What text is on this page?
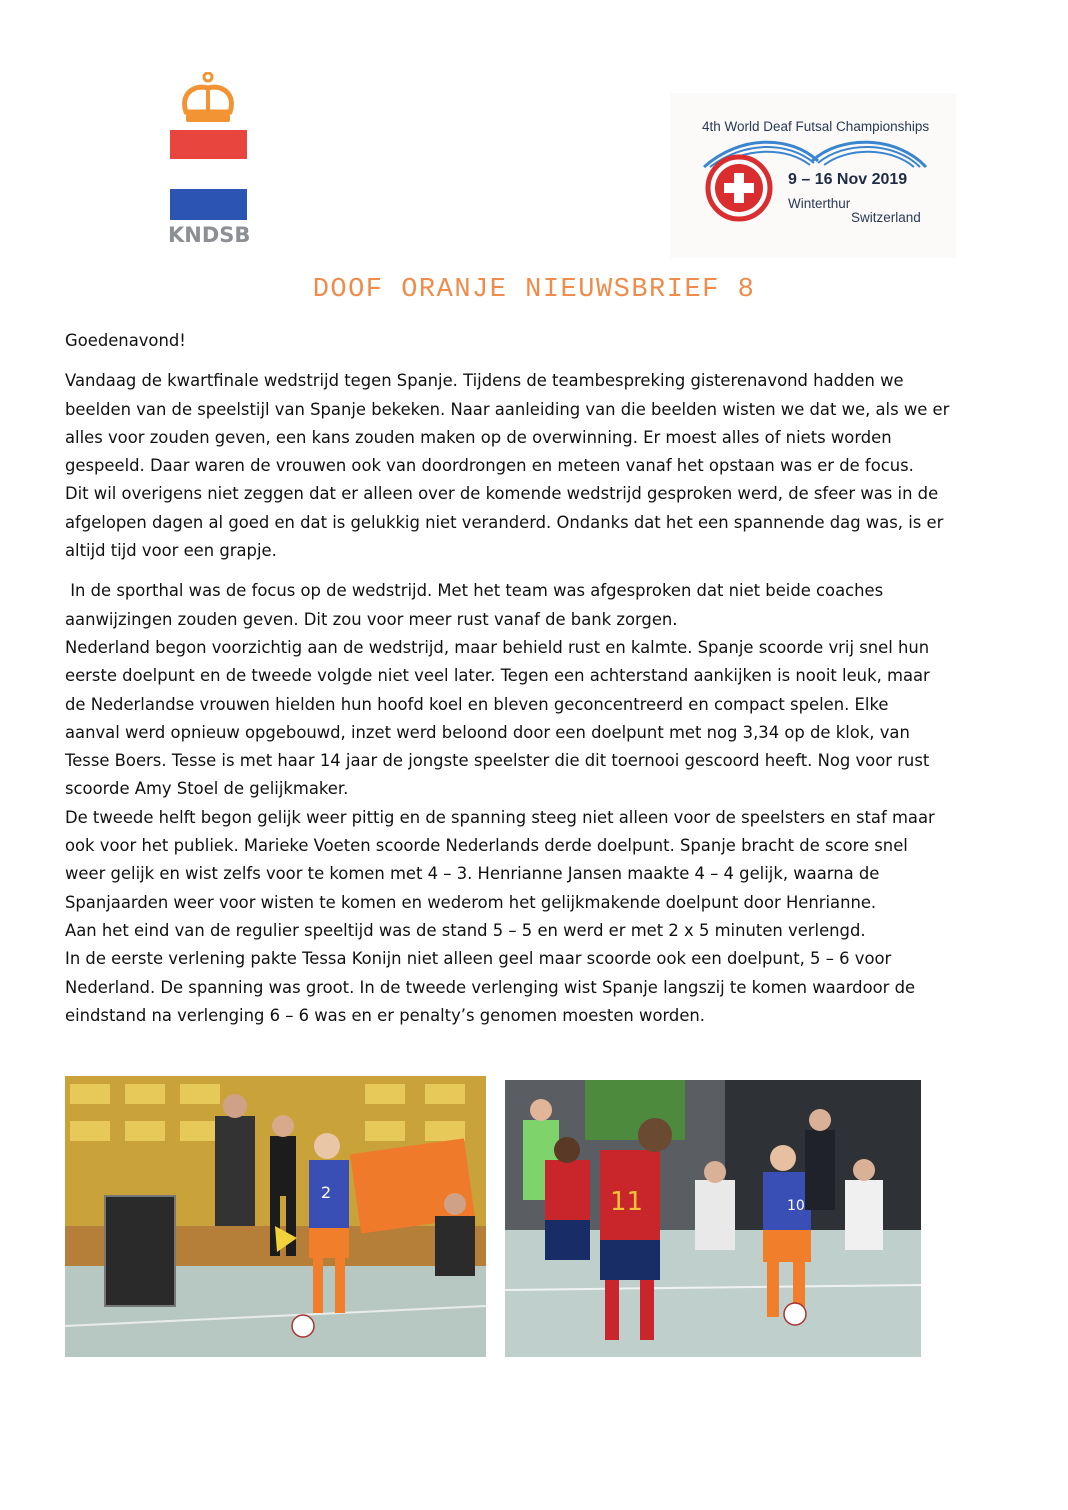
KNDSB
4th World Deaf Futsal Championships
9 – 16 Nov 2019
Winterthur
Switzerland
DOOF ORANJE NIEUWSBRIEF 8

Goedenavond!

Vandaag de kwartfinale wedstrijd tegen Spanje. Tijdens de teambespreking gisterenavond hadden we
beelden van de speelstijl van Spanje bekeken. Naar aanleiding van die beelden wisten we dat we, als we er
alles voor zouden geven, een kans zouden maken op de overwinning. Er moest alles of niets worden
gespeeld. Daar waren de vrouwen ook van doordrongen en meteen vanaf het opstaan was er de focus.
Dit wil overigens niet zeggen dat er alleen over de komende wedstrijd gesproken werd, de sfeer was in de
afgelopen dagen al goed en dat is gelukkig niet veranderd. Ondanks dat het een spannende dag was, is er
altijd tijd voor een grapje.

In de sporthal was de focus op de wedstrijd. Met het team was afgesproken dat niet beide coaches
aanwijzingen zouden geven. Dit zou voor meer rust vanaf de bank zorgen.
Nederland begon voorzichtig aan de wedstrijd, maar behield rust en kalmte. Spanje scoorde vrij snel hun
eerste doelpunt en de tweede volgde niet veel later. Tegen een achterstand aankijken is nooit leuk, maar
de Nederlandse vrouwen hielden hun hoofd koel en bleven geconcentreerd en compact spelen. Elke
aanval werd opnieuw opgebouwd, inzet werd beloond door een doelpunt met nog 3,34 op de klok, van
Tesse Boers. Tesse is met haar 14 jaar de jongste speelster die dit toernooi gescoord heeft. Nog voor rust
scoorde Amy Stoel de gelijkmaker.
De tweede helft begon gelijk weer pittig en de spanning steeg niet alleen voor de speelsters en staf maar
ook voor het publiek. Marieke Voeten scoorde Nederlands derde doelpunt. Spanje bracht de score snel
weer gelijk en wist zelfs voor te komen met 4 – 3. Henrianne Jansen maakte 4 – 4 gelijk, waarna de
Spanjaarden weer voor wisten te komen en wederom het gelijkmakende doelpunt door Henrianne.
Aan het eind van de regulier speeltijd was de stand 5 – 5 en werd er met 2 x 5 minuten verlengd.
In de eerste verlening pakte Tessa Konijn niet alleen geel maar scoorde ook een doelpunt, 5 – 6 voor
Nederland. De spanning was groot. In de tweede verlenging wist Spanje langszij te komen waardoor de
eindstand na verlenging 6 – 6 was en er penalty’s genomen moesten worden.

2	11	10
